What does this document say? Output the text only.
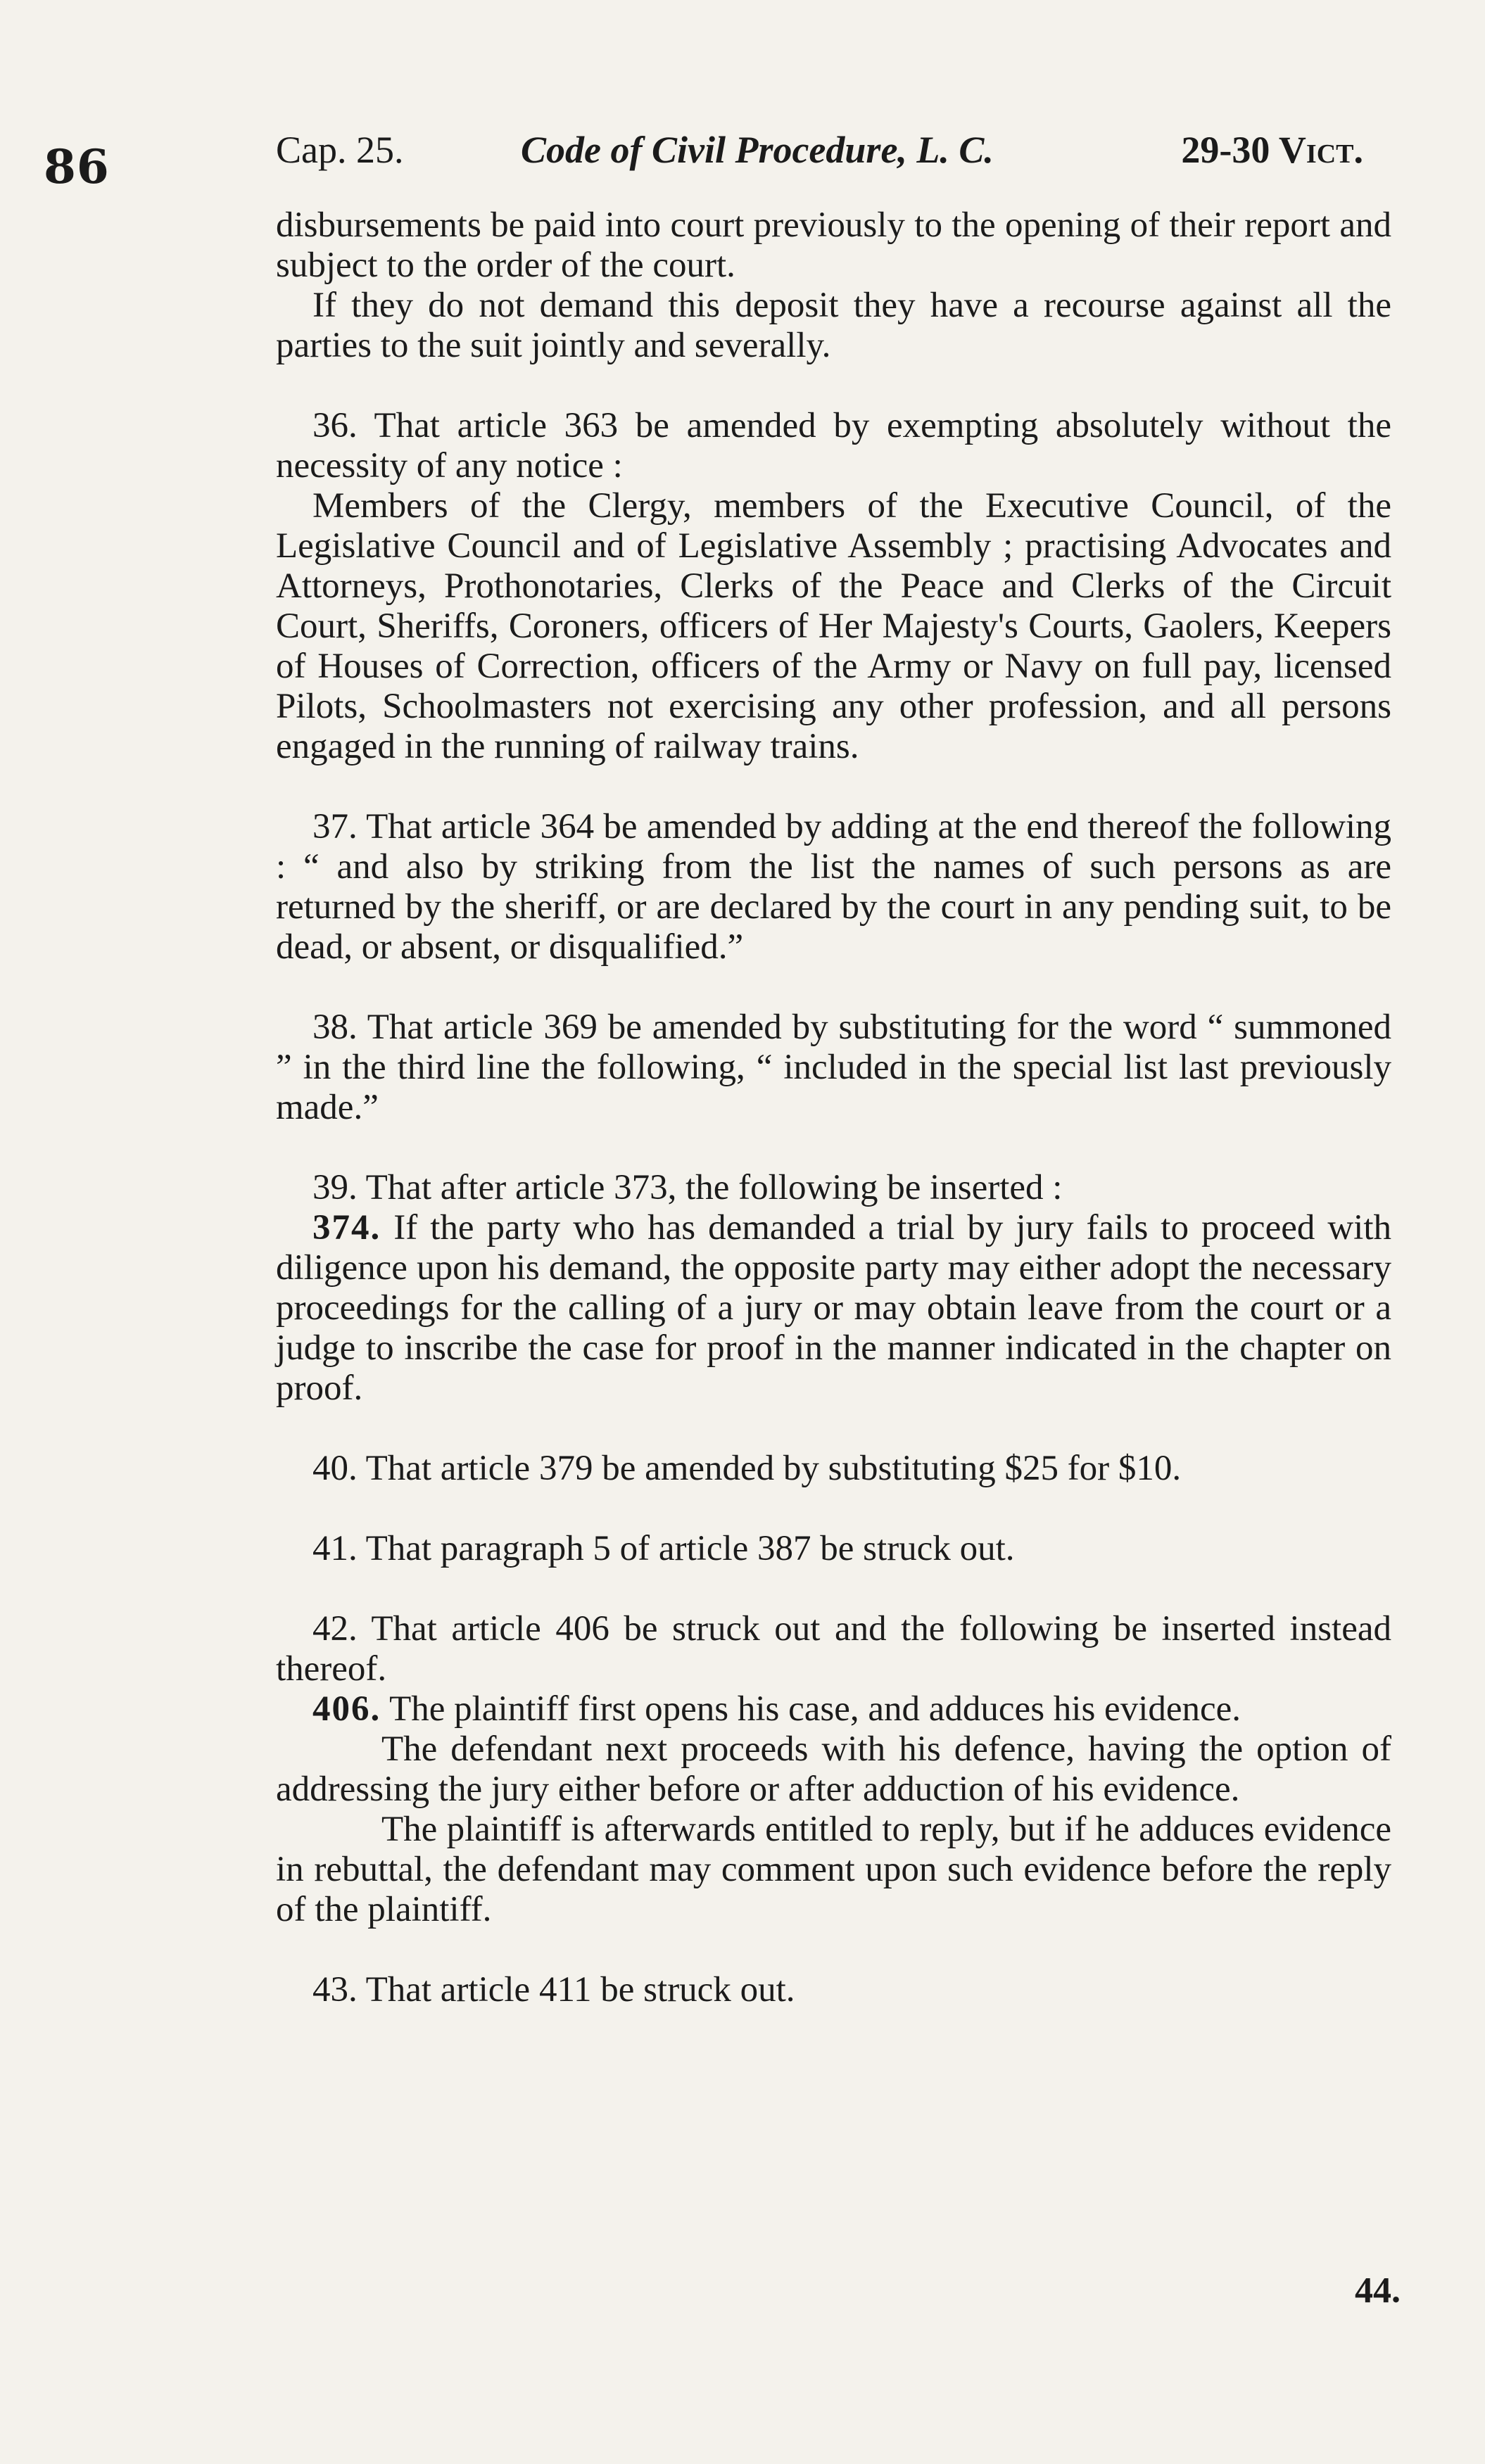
86	Cap. 25.	Code of Civil Procedure, L. C.	29-30 Vict.

disbursements be paid into court previously to the opening of their report and subject to the order of the court.

If they do not demand this deposit they have a recourse against all the parties to the suit jointly and severally.

36. That article 363 be amended by exempting absolutely without the necessity of any notice :

Members of the Clergy, members of the Executive Council, of the Legislative Council and of Legislative Assembly ; practising Advocates and Attorneys, Prothonotaries, Clerks of the Peace and Clerks of the Circuit Court, Sheriffs, Coroners, officers of Her Majesty's Courts, Gaolers, Keepers of Houses of Correction, officers of the Army or Navy on full pay, licensed Pilots, Schoolmasters not exercising any other profession, and all persons engaged in the running of railway trains.

37. That article 364 be amended by adding at the end thereof the following : “ and also by striking from the list the names of such persons as are returned by the sheriff, or are declared by the court in any pending suit, to be dead, or absent, or disqualified.”

38. That article 369 be amended by substituting for the word “ summoned ” in the third line the following, “ included in the special list last previously made.”

39. That after article 373, the following be inserted :

374. If the party who has demanded a trial by jury fails to proceed with diligence upon his demand, the opposite party may either adopt the necessary proceedings for the calling of a jury or may obtain leave from the court or a judge to inscribe the case for proof in the manner indicated in the chapter on proof.

40. That article 379 be amended by substituting $25 for $10.

41. That paragraph 5 of article 387 be struck out.

42. That article 406 be struck out and the following be inserted instead thereof.

406. The plaintiff first opens his case, and adduces his evidence.

The defendant next proceeds with his defence, having the option of addressing the jury either before or after adduction of his evidence.

The plaintiff is afterwards entitled to reply, but if he adduces evidence in rebuttal, the defendant may comment upon such evidence before the reply of the plaintiff.

43. That article 411 be struck out.

44.
